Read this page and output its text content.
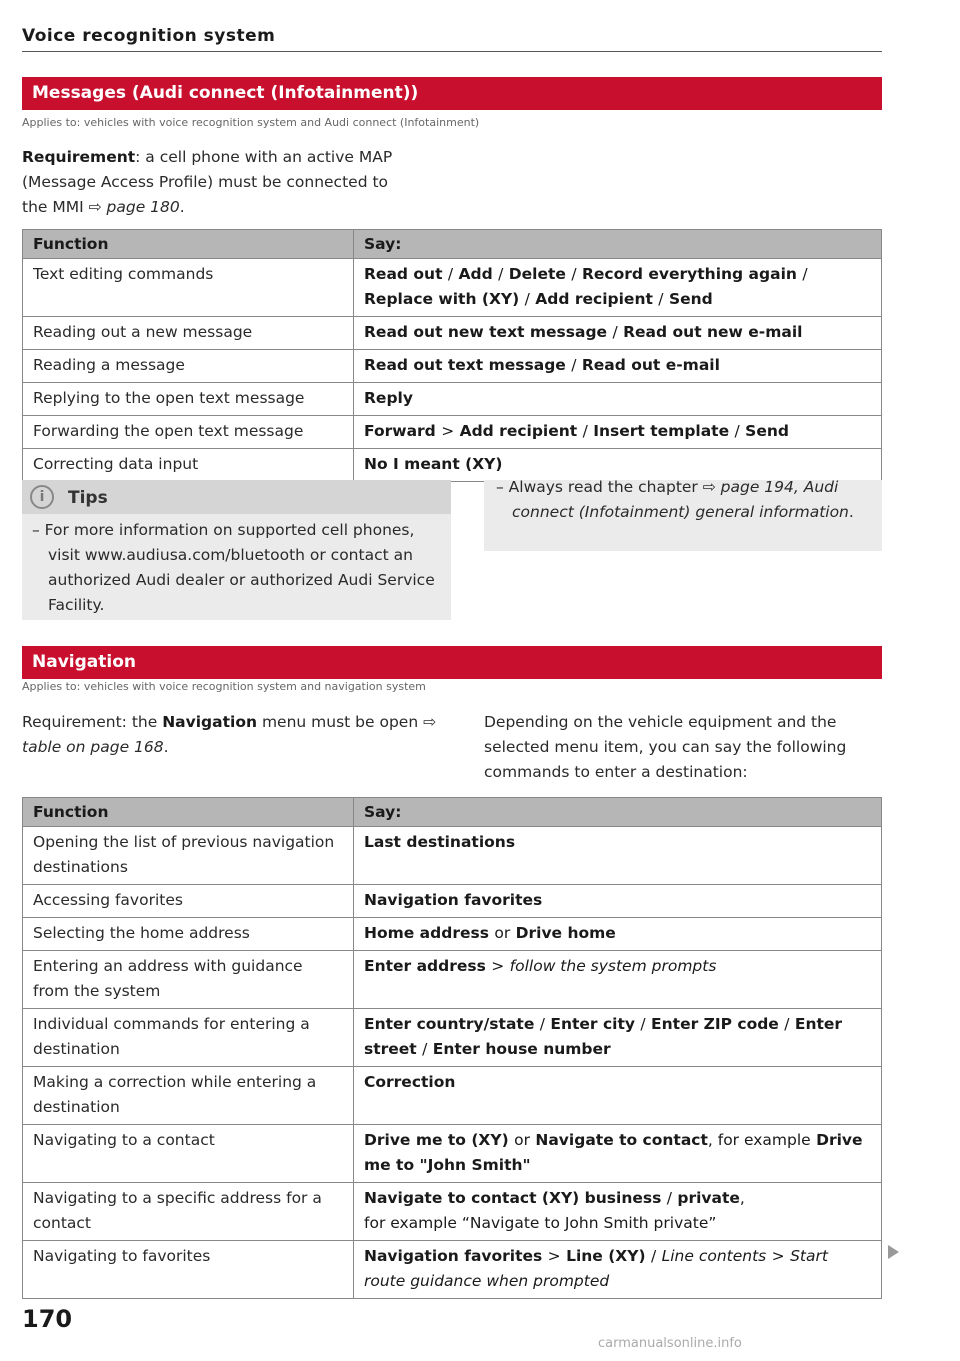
Voice recognition system
Messages (Audi connect (Infotainment))
Applies to: vehicles with voice recognition system and Audi connect (Infotainment)
Requirement: a cell phone with an active MAP
(Message Access Profile) must be connected to
the MMI ⇨ page 180.
Function	Say:
Text editing commands	Read out / Add / Delete / Record everything again / Replace with (XY) / Add recipient / Send
Reading out a new message	Read out new text message / Read out new e-mail
Reading a message	Read out text message / Read out e-mail
Replying to the open text message	Reply
Forwarding the open text message	Forward > Add recipient / Insert template / Send
Correcting data input	No I meant (XY)
i	Tips
– For more information on supported cell phones, visit www.audiusa.com/bluetooth or contact an authorized Audi dealer or authorized Audi Service Facility.
– Always read the chapter ⇨ page 194, Audi connect (Infotainment) general information.
Navigation
Applies to: vehicles with voice recognition system and navigation system
Requirement: the Navigation menu must be open ⇨ table on page 168.
Depending on the vehicle equipment and the selected menu item, you can say the following commands to enter a destination:
Function	Say:
Opening the list of previous navigation destinations	Last destinations
Accessing favorites	Navigation favorites
Selecting the home address	Home address or Drive home
Entering an address with guidance from the system	Enter address > follow the system prompts
Individual commands for entering a destination	Enter country/state / Enter city / Enter ZIP code / Enter street / Enter house number
Making a correction while entering a destination	Correction
Navigating to a contact	Drive me to (XY) or Navigate to contact, for example Drive me to "John Smith"
Navigating to a specific address for a contact	Navigate to contact (XY) business / private,
for example “Navigate to John Smith private”
Navigating to favorites	Navigation favorites > Line (XY) / Line contents > Start route guidance when prompted
170
carmanualsonline.info
